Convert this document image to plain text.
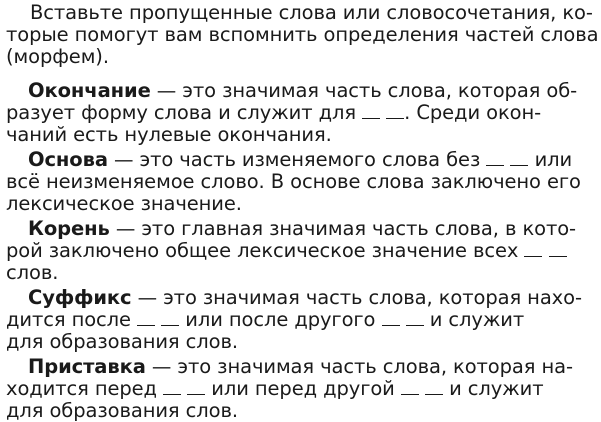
Вставьте пропущенные слова или словосочетания, ко-
торые помогут вам вспомнить определения частей слова
(морфем).
Окончание — это значимая часть слова, которая об-
разует форму слова и служит для . Среди окон-
чаний есть нулевые окончания.
Основа — это часть изменяемого слова без	или
всё неизменяемое слово. В основе слова заключено его
лексическое значение.
Корень — это главная значимая часть слова, в кото-
рой заключено общее лексическое значение всех
слов.
Суффикс — это значимая часть слова, которая нахо-
дится после	или после другого	и служит
для образования слов.
Приставка — это значимая часть слова, которая на-
ходится перед	или перед другой	и служит
для образования слов.
